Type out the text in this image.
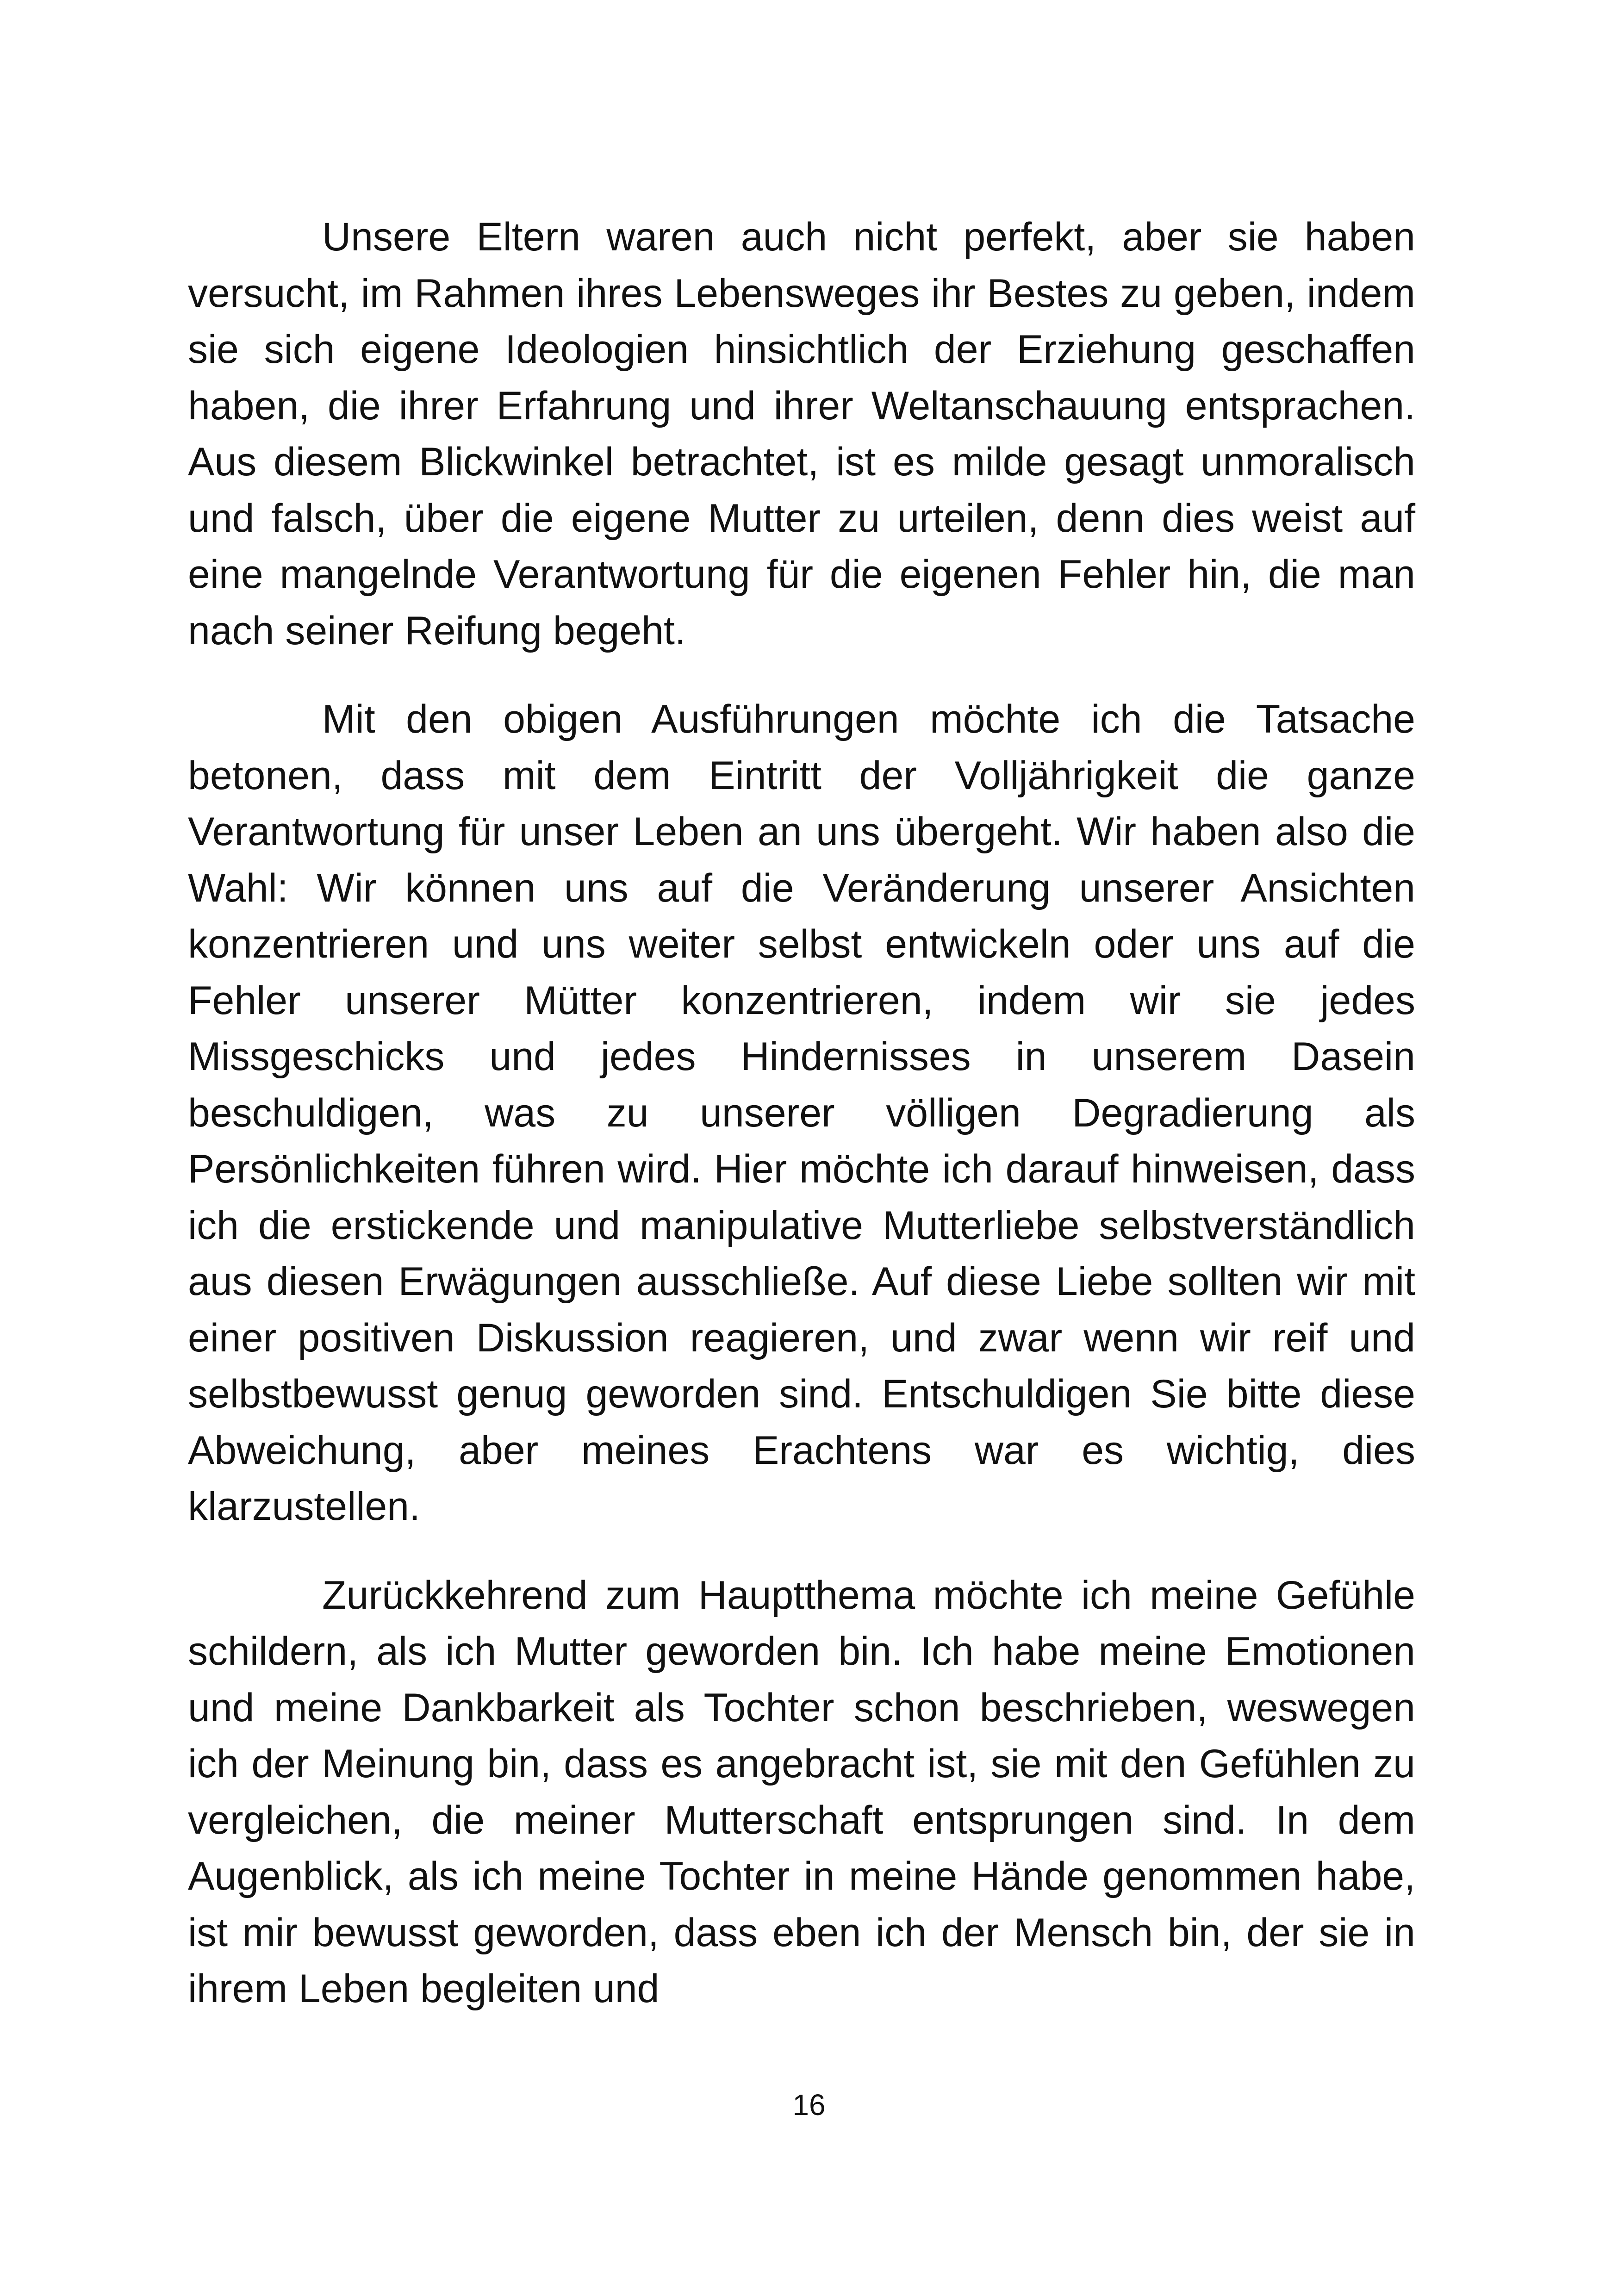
Unsere Eltern waren auch nicht perfekt, aber sie haben versucht, im Rahmen ihres Lebensweges ihr Bestes zu geben, indem sie sich eigene Ideologien hinsichtlich der Erziehung geschaffen haben, die ihrer Erfahrung und ihrer Weltanschauung entsprachen. Aus diesem Blickwinkel betrachtet, ist es milde gesagt unmoralisch und falsch, über die eigene Mutter zu urteilen, denn dies weist auf eine mangelnde Verantwortung für die eigenen Fehler hin, die man nach seiner Reifung begeht.

Mit den obigen Ausführungen möchte ich die Tatsache betonen, dass mit dem Eintritt der Volljährigkeit die ganze Verantwortung für unser Leben an uns übergeht. Wir haben also die Wahl: Wir können uns auf die Veränderung unserer Ansichten konzentrieren und uns weiter selbst entwickeln oder uns auf die Fehler unserer Mütter konzentrieren, indem wir sie jedes Missgeschicks und jedes Hindernisses in unserem Dasein beschuldigen, was zu unserer völligen Degradierung als Persönlichkeiten führen wird. Hier möchte ich darauf hinweisen, dass ich die erstickende und manipulative Mutterliebe selbstverständlich aus diesen Erwägungen ausschließe. Auf diese Liebe sollten wir mit einer positiven Diskussion reagieren, und zwar wenn wir reif und selbstbewusst genug geworden sind. Entschuldigen Sie bitte diese Abweichung, aber meines Erachtens war es wichtig, dies klarzustellen.

Zurückkehrend zum Hauptthema möchte ich meine Gefühle schildern, als ich Mutter geworden bin. Ich habe meine Emotionen und meine Dankbarkeit als Tochter schon beschrieben, weswegen ich der Meinung bin, dass es angebracht ist, sie mit den Gefühlen zu vergleichen, die meiner Mutterschaft entsprungen sind. In dem Augenblick, als ich meine Tochter in meine Hände genommen habe, ist mir bewusst geworden, dass eben ich der Mensch bin, der sie in ihrem Leben begleiten und

16
